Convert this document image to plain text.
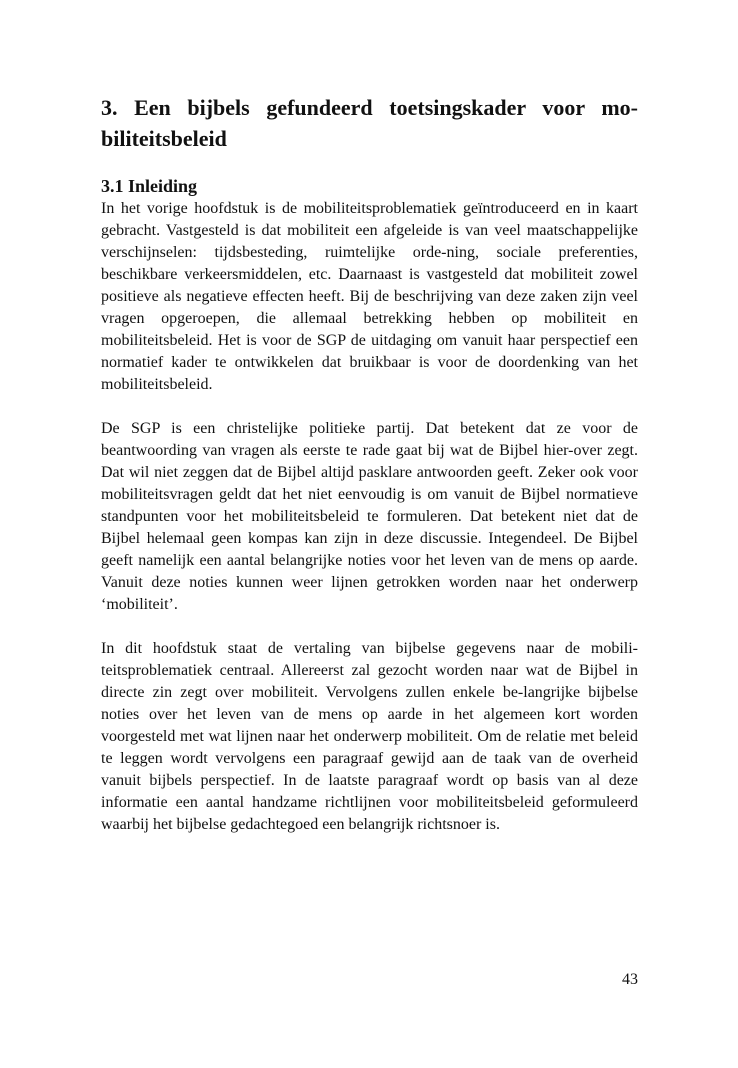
3. Een bijbels gefundeerd toetsingskader voor mo-biliteitsbeleid
3.1 Inleiding

In het vorige hoofdstuk is de mobiliteitsproblematiek geïntroduceerd en in kaart gebracht. Vastgesteld is dat mobiliteit een afgeleide is van veel maatschappelijke verschijnselen: tijdsbesteding, ruimtelijke orde-ning, sociale preferenties, beschikbare verkeersmiddelen, etc. Daarnaast is vastgesteld dat mobiliteit zowel positieve als negatieve effecten heeft. Bij de beschrijving van deze zaken zijn veel vragen opgeroepen, die allemaal betrekking hebben op mobiliteit en mobiliteitsbeleid. Het is voor de SGP de uitdaging om vanuit haar perspectief een normatief kader te ontwikkelen dat bruikbaar is voor de doordenking van het mobiliteitsbeleid.

De SGP is een christelijke politieke partij. Dat betekent dat ze voor de beantwoording van vragen als eerste te rade gaat bij wat de Bijbel hier-over zegt. Dat wil niet zeggen dat de Bijbel altijd pasklare antwoorden geeft. Zeker ook voor mobiliteitsvragen geldt dat het niet eenvoudig is om vanuit de Bijbel normatieve standpunten voor het mobiliteitsbeleid te formuleren. Dat betekent niet dat de Bijbel helemaal geen kompas kan zijn in deze discussie. Integendeel. De Bijbel geeft namelijk een aantal belangrijke noties voor het leven van de mens op aarde. Vanuit deze noties kunnen weer lijnen getrokken worden naar het onderwerp ‘mobiliteit’.

In dit hoofdstuk staat de vertaling van bijbelse gegevens naar de mobili-teitsproblematiek centraal. Allereerst zal gezocht worden naar wat de Bijbel in directe zin zegt over mobiliteit. Vervolgens zullen enkele be-langrijke bijbelse noties over het leven van de mens op aarde in het algemeen kort worden voorgesteld met wat lijnen naar het onderwerp mobiliteit. Om de relatie met beleid te leggen wordt vervolgens een paragraaf gewijd aan de taak van de overheid vanuit bijbels perspectief. In de laatste paragraaf wordt op basis van al deze informatie een aantal handzame richtlijnen voor mobiliteitsbeleid geformuleerd waarbij het bijbelse gedachtegoed een belangrijk richtsnoer is.

43
